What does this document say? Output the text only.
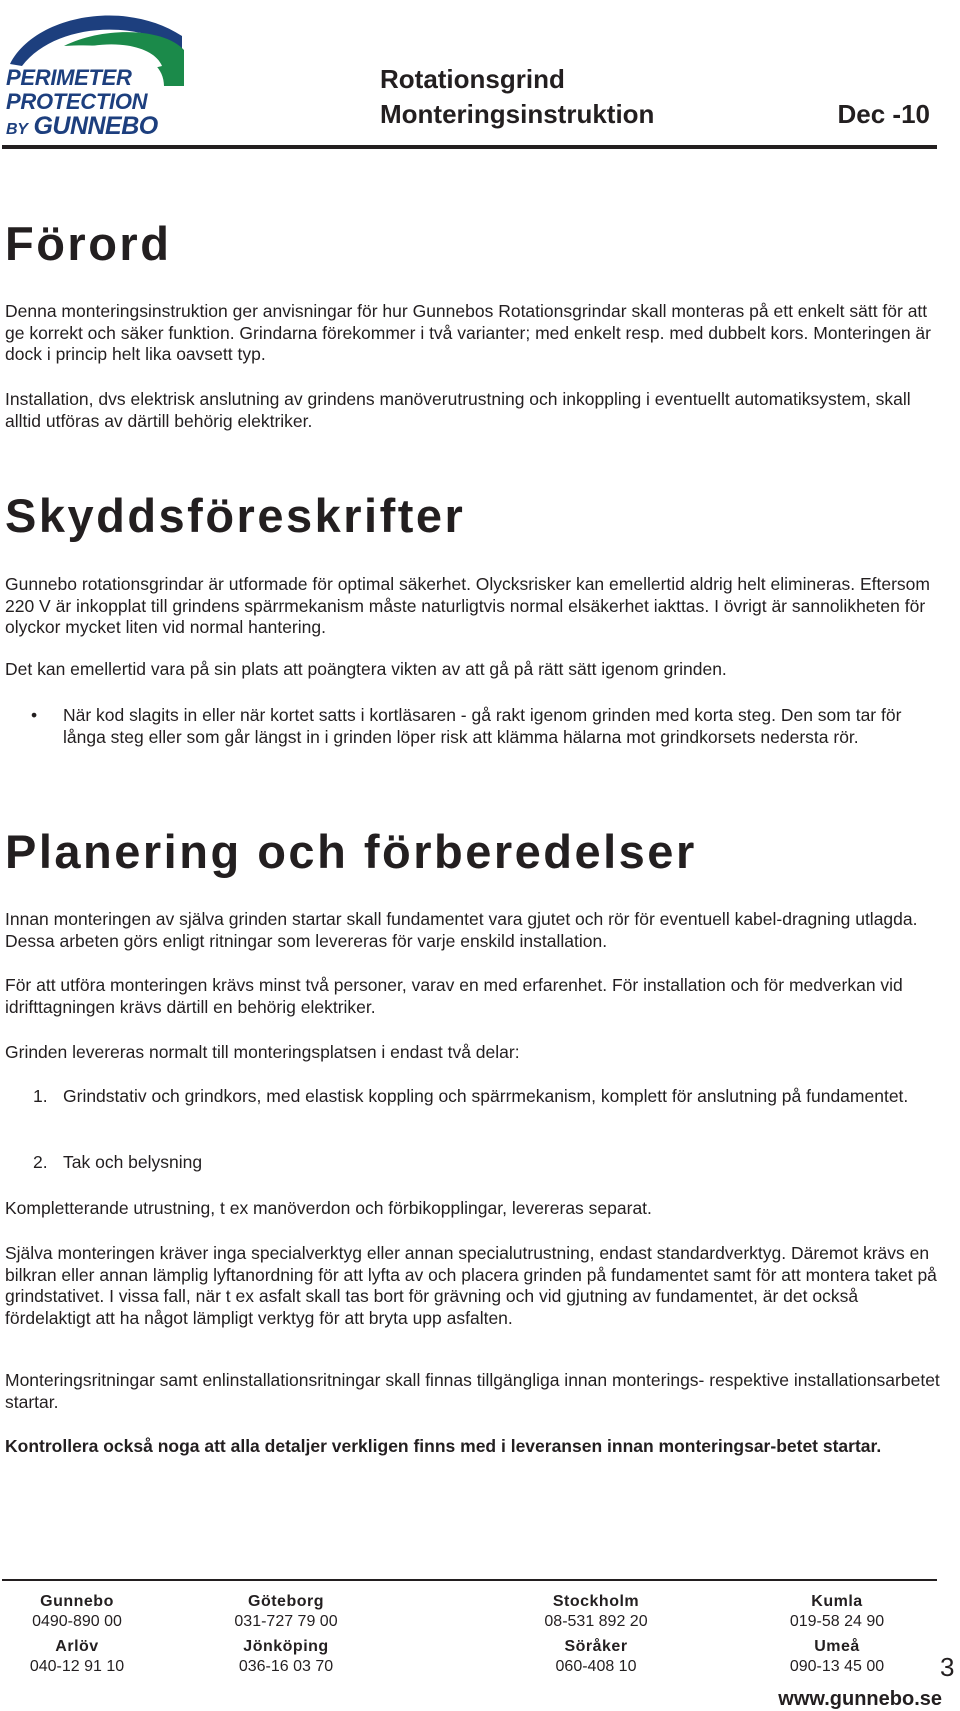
PERIMETER
PROTECTION
BY GUNNEBO
Rotationsgrind
Monteringsinstruktion	Dec -10
Förord

Denna monteringsinstruktion ger anvisningar för hur Gunnebos Rotationsgrindar skall monteras på ett enkelt sätt för att ge korrekt och säker funktion. Grindarna förekommer i två varianter; med enkelt resp. med dubbelt kors. Monteringen är dock i princip helt lika oavsett typ.

Installation, dvs elektrisk anslutning av grindens manöverutrustning och inkoppling i eventuellt automatiksystem, skall alltid utföras av därtill behörig elektriker.

Skyddsföreskrifter

Gunnebo rotationsgrindar är utformade för optimal säkerhet. Olycksrisker kan emellertid aldrig helt elimineras. Eftersom 220 V är inkopplat till grindens spärrmekanism måste naturligtvis normal elsäkerhet iakttas. I övrigt är sannolikheten för olyckor mycket liten vid normal hantering.

Det kan emellertid vara på sin plats att poängtera vikten av att gå på rätt sätt igenom grinden.

• När kod slagits in eller när kortet satts i kortläsaren - gå rakt igenom grinden med korta steg. Den som tar för långa steg eller som går längst in i grinden löper risk att klämma hälarna mot grindkorsets nedersta rör.
Planering och förberedelser

Innan monteringen av själva grinden startar skall fundamentet vara gjutet och rör för eventuell kabel-dragning utlagda. Dessa arbeten görs enligt ritningar som levereras för varje enskild installation.

För att utföra monteringen krävs minst två personer, varav en med erfarenhet. För installation och för medverkan vid idrifttagningen krävs därtill en behörig elektriker.

Grinden levereras normalt till monteringsplatsen i endast två delar:

1. Grindstativ och grindkors, med elastisk koppling och spärrmekanism, komplett för anslutning på fundamentet.
2. Tak och belysning

Kompletterande utrustning, t ex manöverdon och förbikopplingar, levereras separat.

Själva monteringen kräver inga specialverktyg eller annan specialutrustning, endast standardverktyg. Däremot krävs en bilkran eller annan lämplig lyftanordning för att lyfta av och placera grinden på fundamentet samt för att montera taket på grindstativet. I vissa fall, när t ex asfalt skall tas bort för grävning och vid gjutning av fundamentet, är det också fördelaktigt att ha något lämpligt verktyg för att bryta upp asfalten.

Monteringsritningar samt enlinstallationsritningar skall finnas tillgängliga innan monterings- respektive installationsarbetet startar.

Kontrollera också noga att alla detaljer verkligen finns med i leveransen innan monteringsar-betet startar.

Gunnebo
0490-890 00
Göteborg
031-727 79 00
Stockholm
08-531 892 20
Kumla
019-58 24 90
Arlöv
040-12 91 10
Jönköping
036-16 03 70
Söråker
060-408 10
Umeå
090-13 45 00	3
www.gunnebo.se
